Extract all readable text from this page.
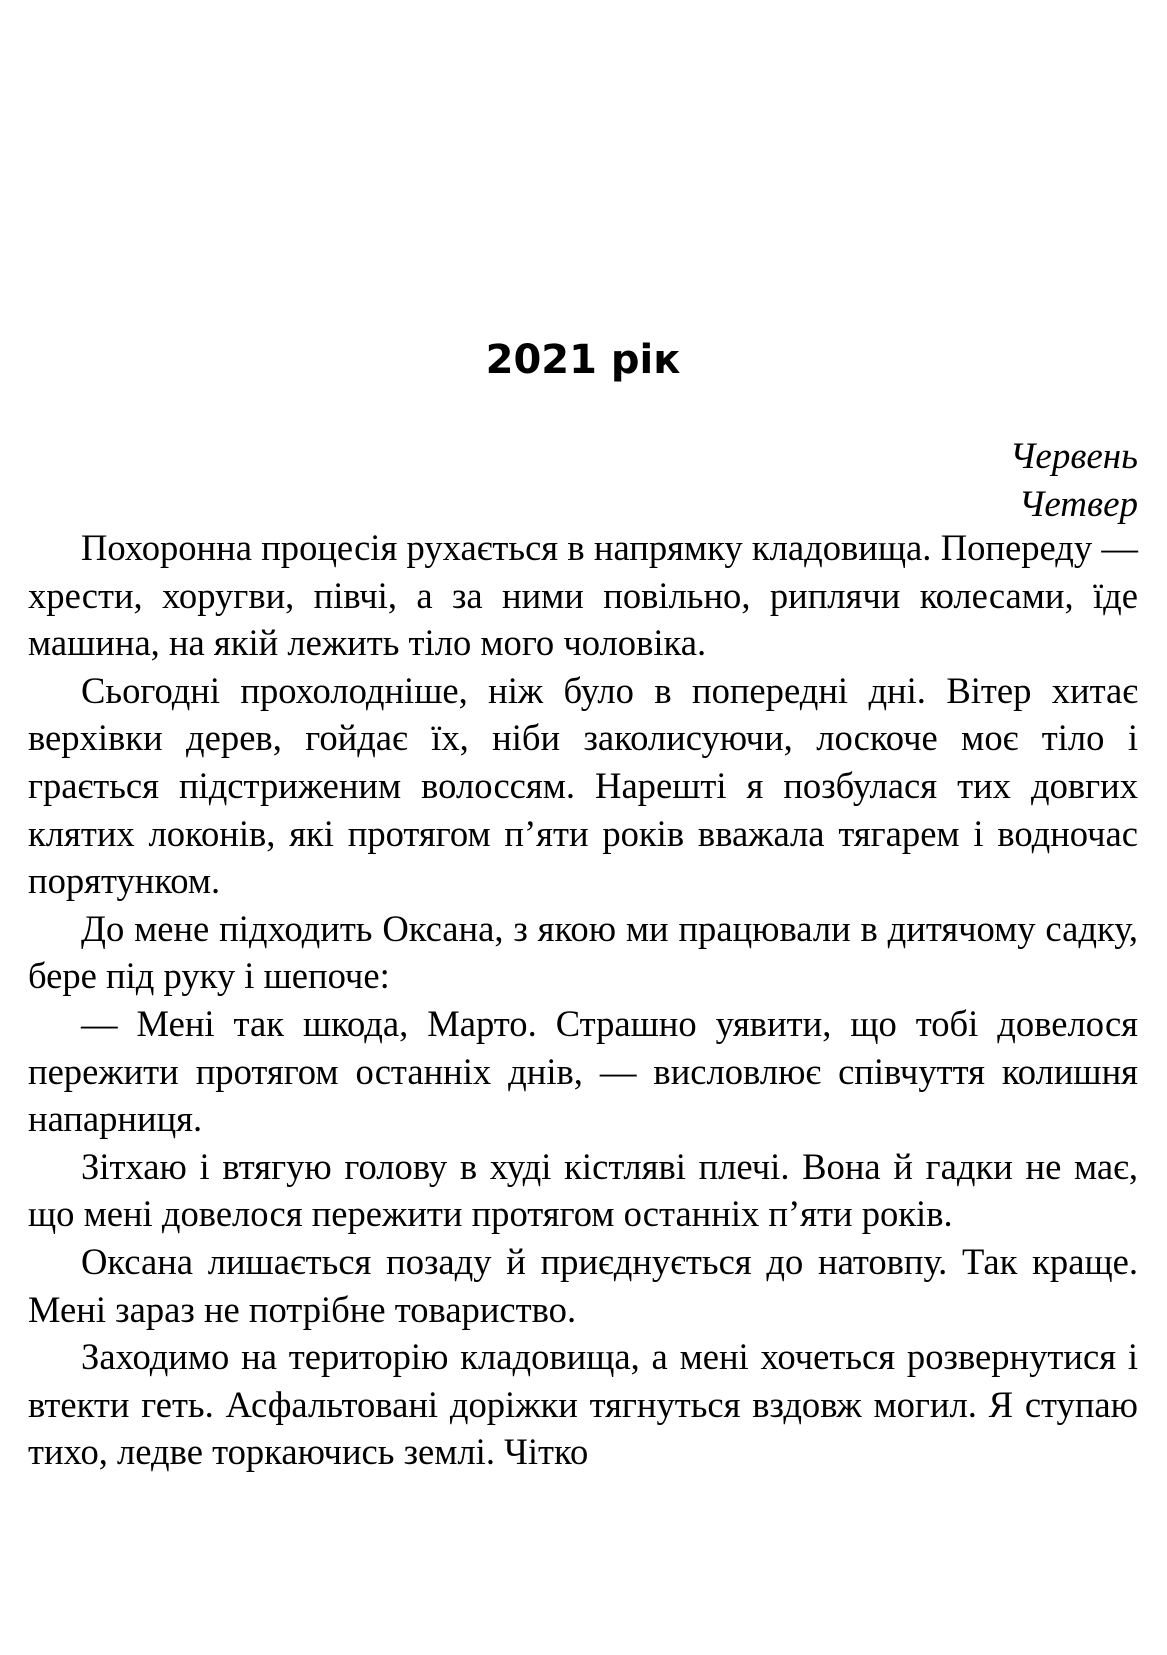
2021 рік
Червень
Четвер

Похоронна процесія рухається в напрямку кладовища. Попереду — хрести, хоругви, півчі, а за ними повільно, риплячи колесами, їде машина, на якій лежить тіло мого чоловіка.

Сьогодні прохолодніше, ніж було в попередні дні. Вітер хитає верхівки дерев, гойдає їх, ніби заколисуючи, лоскоче моє тіло і грається підстриженим волоссям. Нарешті я позбулася тих довгих клятих локонів, які протягом п’яти років вважала тягарем і водночас порятунком.

До мене підходить Оксана, з якою ми працювали в дитячому садку, бере під руку і шепоче:

— Мені так шкода, Марто. Страшно уявити, що тобі довелося пережити протягом останніх днів, — висловлює співчуття колишня напарниця.

Зітхаю і втягую голову в худі кістляві плечі. Вона й гадки не має, що мені довелося пережити протягом останніх п’яти років.

Оксана лишається позаду й приєднується до натовпу. Так краще. Мені зараз не потрібне товариство.

Заходимо на територію кладовища, а мені хочеться розвернутися і втекти геть. Асфальтовані доріжки тягнуться вздовж могил. Я ступаю тихо, ледве торкаючись землі. Чітко
